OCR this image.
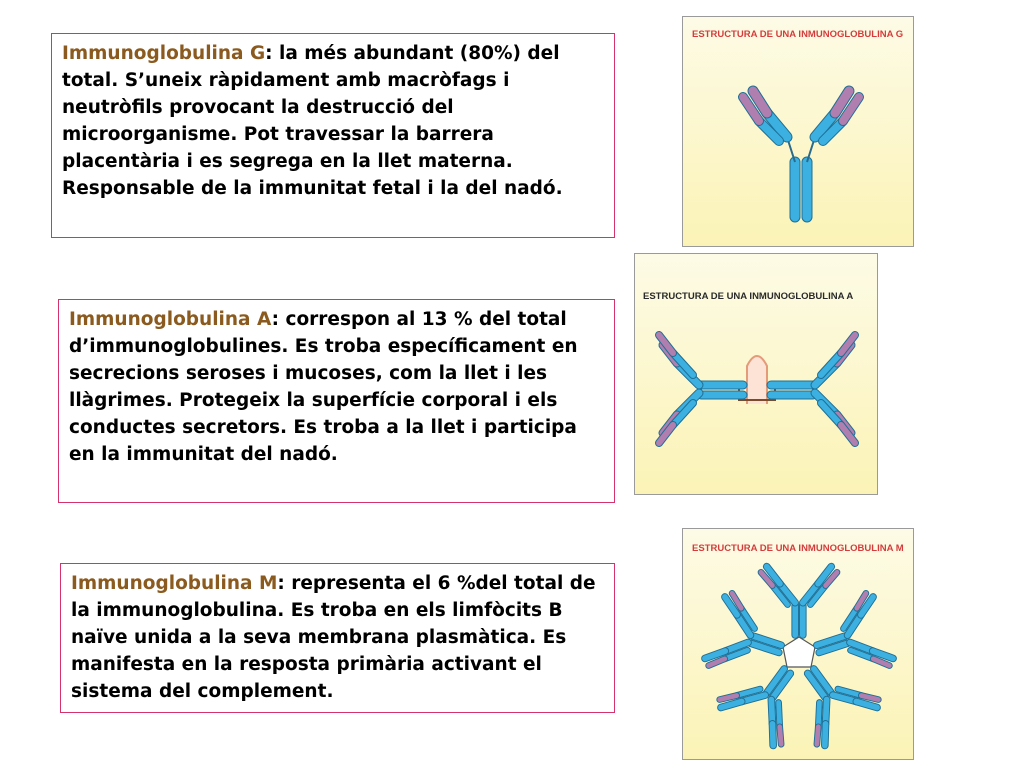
Immunoglobulina G: la més abundant (80%) del total. S’uneix ràpidament amb macròfags i neutròfils provocant la destrucció del microorganisme. Pot travessar la barrera placentària i es segrega en la llet materna. Responsable de la immunitat fetal i la del nadó.
Immunoglobulina A: correspon al 13 % del total d’immunoglobulines. Es troba específicament en secrecions seroses i mucoses, com la llet i les llàgrimes. Protegeix la superfície corporal i els conductes secretors. Es troba a la llet i participa en la immunitat del nadó.
Immunoglobulina M: representa el 6 %del total de la immunoglobulina. Es troba en els limfòcits B naïve unida a la seva membrana plasmàtica. Es manifesta en la resposta primària activant el sistema del complement.
ESTRUCTURA DE UNA INMUNOGLOBULINA G
ESTRUCTURA DE UNA INMUNOGLOBULINA A
ESTRUCTURA DE UNA INMUNOGLOBULINA M
